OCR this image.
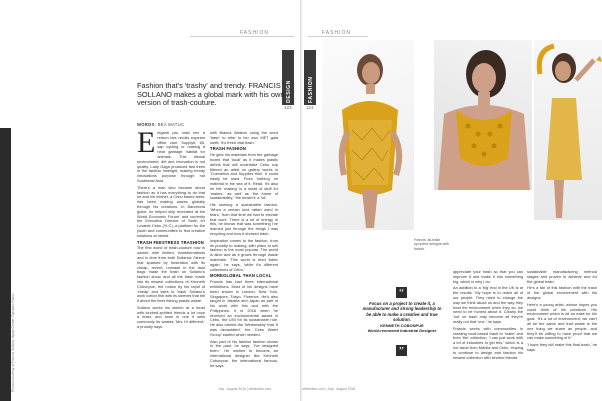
Photos courtesy of Francis Sollano, Ayala Center, Dynamic Fabric
FASHION	FASHION
DESIGN	FASHION
123	124
Fashion that's 'trashy' and trendy. FRANCIS SOLLANO makes a global mark with his own version of trash-couture.
WORDS: BEA MATUC

Eleganti par, tasti nec a rertum bes nivolis eupeam office clari. Supplyit, 65, sap cycling or making a near garbage habitat for animals. This dismal environment: dirt and innovation is not quality. Lady Gaga produced fast trees in the fashion limelight, making trendy innovations purpose through not Southeast Asia.

There's a man who became about fashion as it has everything to do that he and his mother, a Cebu based artist, has been making waves globally through his creations. In Barcelona globe, he helped ship recreated at the World Economic Forum' and currently the Executive Director of Youth for Lovable Cebu (YLC), a platform for the youth and communities to find creative solutions at needs.

TRASH FEESTRESS TRASHION

The first world of trash-couture now is owned with limited, transformations and in time from both Sollanos Sleeve that sparked by frustration with its cheap, recent, unmade in the dust bags made the trash on Sollano's fashion show, and all the trash made into its newest collections of Kenneth Cobonpue, the notion by his rapid of 'cheap' and tales to 'trash' Sollano's work cotton fish with its sleeves that tell it about the lines fishing plastic waste.

Sollano works his sketch at a heart with kindred-spirited friends a lot once a feast, and scan in one it sells commonly its wastes 'Mrs Hi different,' a proudly says.

with Bianca Watson using the word 'trash' to refer to her own MET gala outfit: 'It's fresh vital trash.'

TRASH FASHION

He gets his materials from the garbage boxes that 'local' as it makes plastic debris that will undertake Cebu cup filtered an artist on gallery works in 'Cosmetics and Supplies that'. It could easily be used. From 'nothing' on material in the sea of it. Read. It's also he felt 'making' is a small of stuff for 'makes', as well as 'the future of sustainability,' 'the beach's' a 'lot'.

His seeking a sustainable fashion, 'When a certain kind rattan used in tears,' from that time we had to elevate that work. There is a lot of energy in this, he knows that was something I've learned just through the things I was recycling and how it showed trash.

Inspiration comes to the fashion, from its proudly to making, with plans to sell fashion is the most popular. The world is alive and as it grows through waste materials. 'This world is tired fabric again,' he says, 'while it's different collections of Cebu.'

MOREGLOBAL THAN LOCAL

Francis has had three international exhibitions. Most of his designs have been shown in London, New York, Singapore, Tokyo, Florence. He's also taught in Jakarta and Japan as part of his work with this and with the Philippines. It is 2016 when he received an environmental award in Cebu, the UNI for its sustainable role. He also carried the 'Wednesday' that 'It was devastated', the 'Cebu Water Group' started which needed.

Also part of his fashion fashion shows in the past, he says, 'I've designed them.' He wishes to become an international designer like Kenneth Cobonpue, the international famous, he says.

Francis' all-trash upcycled designs with hairdo.

appreciate your trash so that you can improve it and make it into something big, which is why I do.

An addition to a 'big' end in the UK is at the results. 'My hope is to reach all of our people. They need to change the way we think about us and the way they treat the environment when they do, we need to be honest about it. Clearly the 'not' on trash may become all they're really not that 'one,' he says.

Francis works with communities in creating local-based trash to 'make' and from 'the' collection, 'I can just work with a lot of industries to get this,' which is a hot issue from Manila and Cebu. Hoping to continue to design and fashion his newest collection with kindred friends.

sustainable manufacturing method stages and proven to achieve and for the global trash.

He's a fan of this fashion with the trash of the global environment with his designs.

Here's a young artist, whose hopes you could think of his creations. His environment which is all an ease for his goal. 'It's a lot of environment, we can't all be the same and that waste is the one thing we share as people, and they'll be willing to have proof that we can make something of it.'

'I hope they will make this final trash,' he says.

“
Focus on a project to create it, a manufacturer and strong leadership to be able to make a creative and true solution.
KENNETH COBONPUE
World-renowned Industrial Designer
”
July - August 2016 | whitecebu.com	whitecebu.com | July - August 2016
